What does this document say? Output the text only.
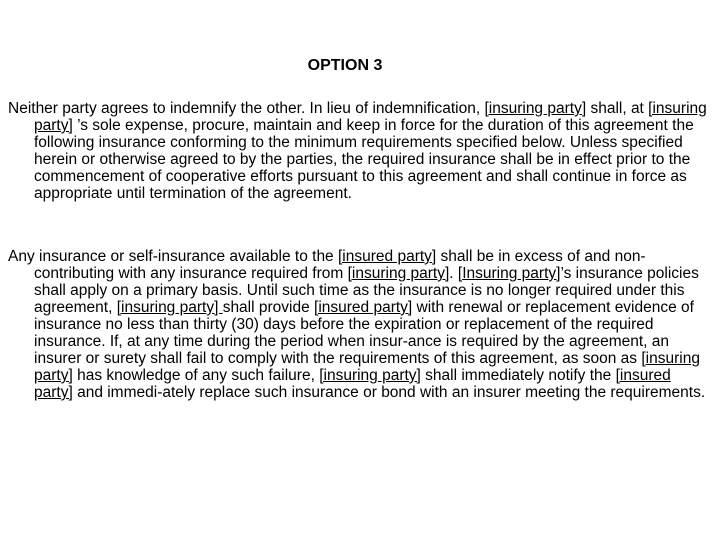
OPTION 3

Neither party agrees to indemnify the other. In lieu of indemnification, [insuring party] shall, at [insuring party] ’s sole expense, procure, maintain and keep in force for the duration of this agreement the following insurance conforming to the minimum requirements specified below. Unless specified herein or otherwise agreed to by the parties, the required insurance shall be in effect prior to the commencement of cooperative efforts pursuant to this agreement and shall continue in force as appropriate until termination of the agreement.

Any insurance or self-insurance available to the [insured party] shall be in excess of and non-contributing with any insurance required from [insuring party]. [Insuring party]’s insurance policies shall apply on a primary basis. Until such time as the insurance is no longer required under this agreement, [insuring party] shall provide [insured party] with renewal or replacement evidence of insurance no less than thirty (30) days before the expiration or replacement of the required insurance. If, at any time during the period when insur-ance is required by the agreement, an insurer or surety shall fail to comply with the requirements of this agreement, as soon as [insuring party] has knowledge of any such failure, [insuring party] shall immediately notify the [insured party] and immedi-ately replace such insurance or bond with an insurer meeting the requirements.
